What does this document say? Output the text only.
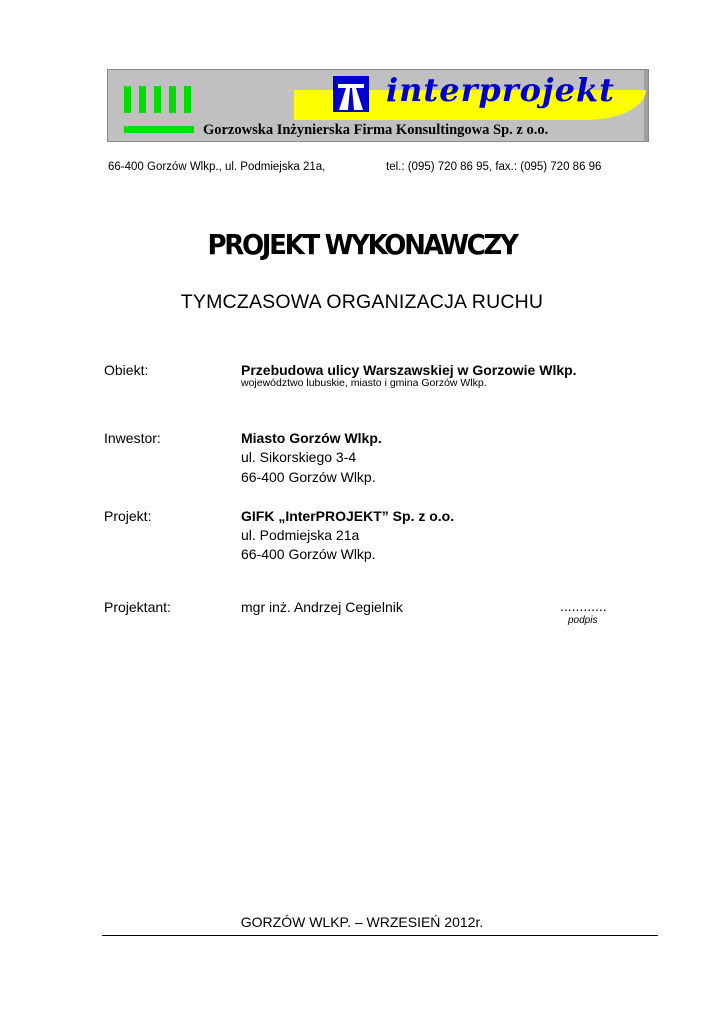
interprojekt
Gorzowska Inżynierska Firma Konsultingowa Sp. z o.o.
66-400 Gorzów Wlkp., ul. Podmiejska 21a,	tel.: (095) 720 86 95, fax.: (095) 720 86 96
PROJEKT WYKONAWCZY
TYMCZASOWA ORGANIZACJA RUCHU
Obiekt:	Przebudowa ulicy Warszawskiej w Gorzowie Wlkp.
województwo lubuskie, miasto i gmina Gorzów Wlkp.
Inwestor:	Miasto Gorzów Wlkp.
ul. Sikorskiego 3-4
66-400 Gorzów Wlkp.
Projekt:	GIFK „InterPROJEKT” Sp. z o.o.
ul. Podmiejska 21a
66-400 Gorzów Wlkp.
Projektant:	mgr inż. Andrzej Cegielnik	............
podpis
GORZÓW WLKP. – WRZESIEŃ 2012r.
